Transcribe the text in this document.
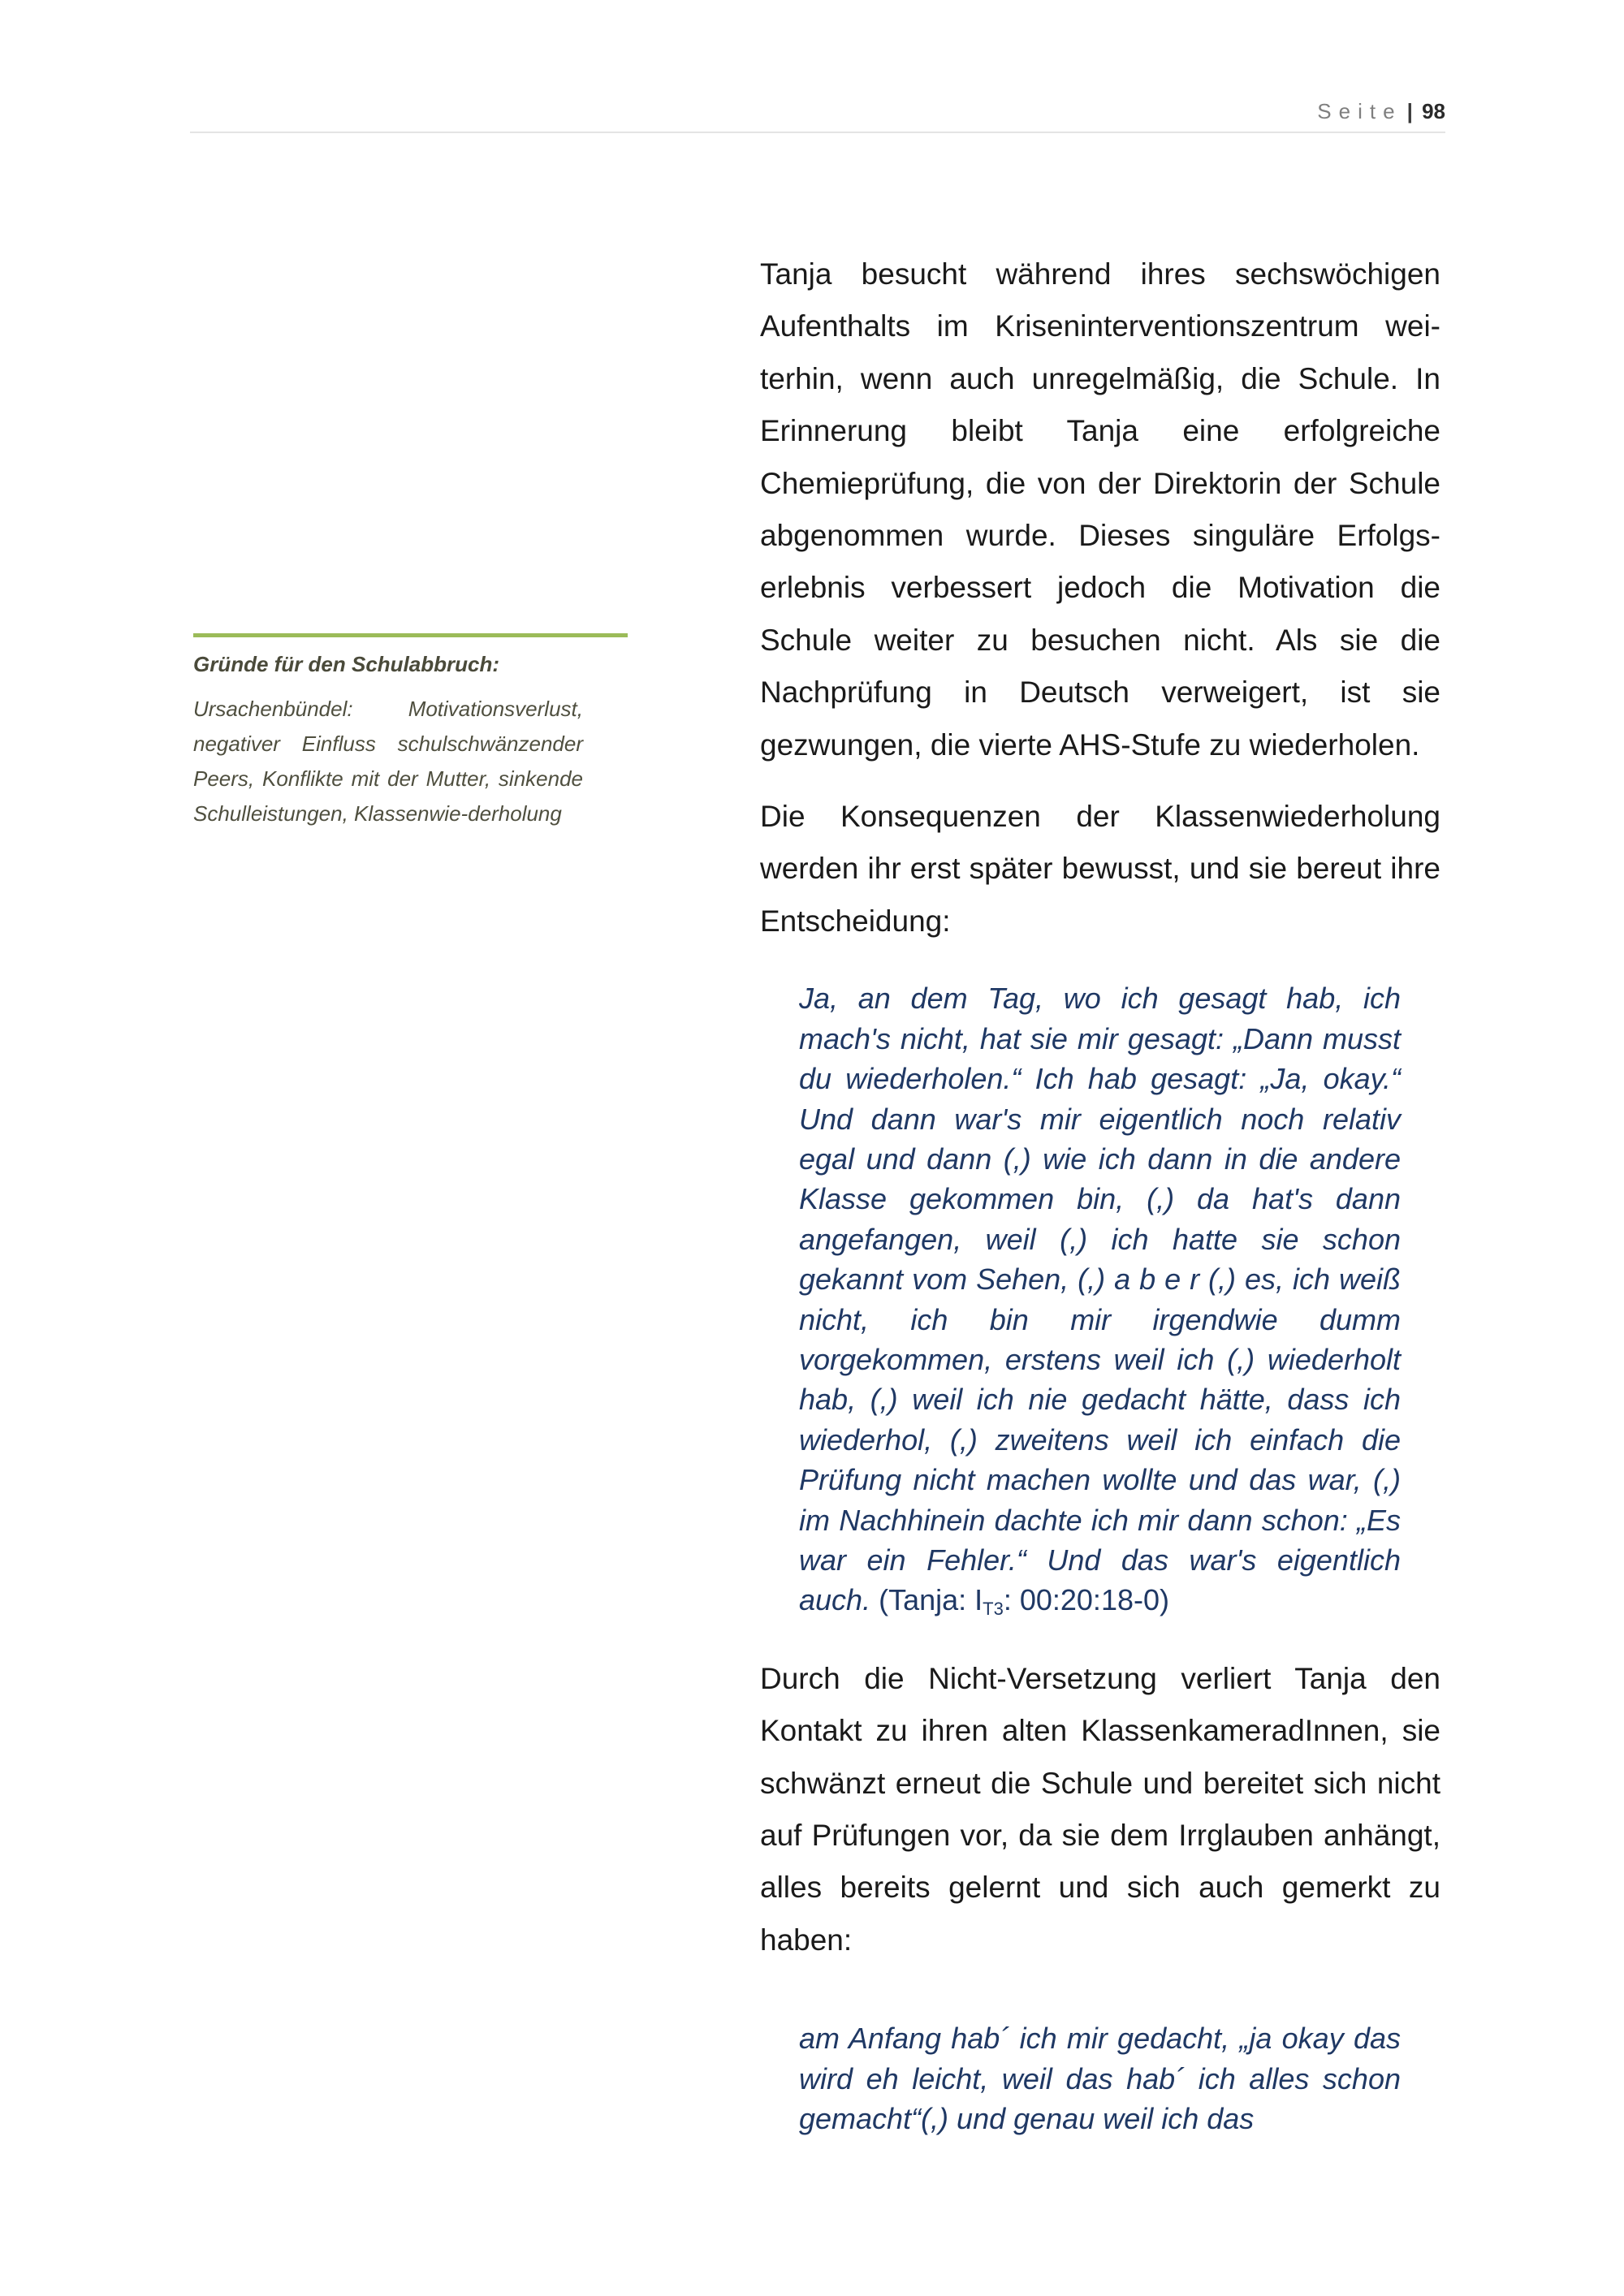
Seite | 98
Gründe für den Schulabbruch:
Ursachenbündel: Motivationsverlust, negativer Einfluss schulschwänzender Peers, Konflikte mit der Mutter, sinkende Schulleistungen, Klassenwie-derholung

Tanja besucht während ihres sechswöchigen Aufenthalts im Kriseninterventionszentrum wei-terhin, wenn auch unregelmäßig, die Schule. In Erinnerung bleibt Tanja eine erfolgreiche Chemieprüfung, die von der Direktorin der Schule abgenommen wurde. Dieses singuläre Erfolgs-erlebnis verbessert jedoch die Motivation die Schule weiter zu besuchen nicht. Als sie die Nachprüfung in Deutsch verweigert, ist sie gezwungen, die vierte AHS-Stufe zu wiederholen.

Die Konsequenzen der Klassenwiederholung werden ihr erst später bewusst, und sie bereut ihre Entscheidung:

Ja, an dem Tag, wo ich gesagt hab, ich mach's nicht, hat sie mir gesagt: „Dann musst du wiederholen.“ Ich hab gesagt: „Ja, okay.“ Und dann war's mir eigentlich noch relativ egal und dann (,) wie ich dann in die andere Klasse gekommen bin, (,) da hat's dann angefangen, weil (,) ich hatte sie schon gekannt vom Sehen, (,) a b e r (,) es, ich weiß nicht, ich bin mir irgendwie dumm vorgekommen, erstens weil ich (,) wiederholt hab, (,) weil ich nie gedacht hätte, dass ich wiederhol, (,) zweitens weil ich einfach die Prüfung nicht machen wollte und das war, (,) im Nachhinein dachte ich mir dann schon: „Es war ein Fehler.“ Und das war's eigentlich auch. (Tanja: $I_{T3}$: 00:20:18-0)

Durch die Nicht-Versetzung verliert Tanja den Kontakt zu ihren alten KlassenkameradInnen, sie schwänzt erneut die Schule und bereitet sich nicht auf Prüfungen vor, da sie dem Irrglauben anhängt, alles bereits gelernt und sich auch gemerkt zu haben:

am Anfang hab´ ich mir gedacht, „ja okay das wird eh leicht, weil das hab´ ich alles schon gemacht“(,) und genau weil ich das
